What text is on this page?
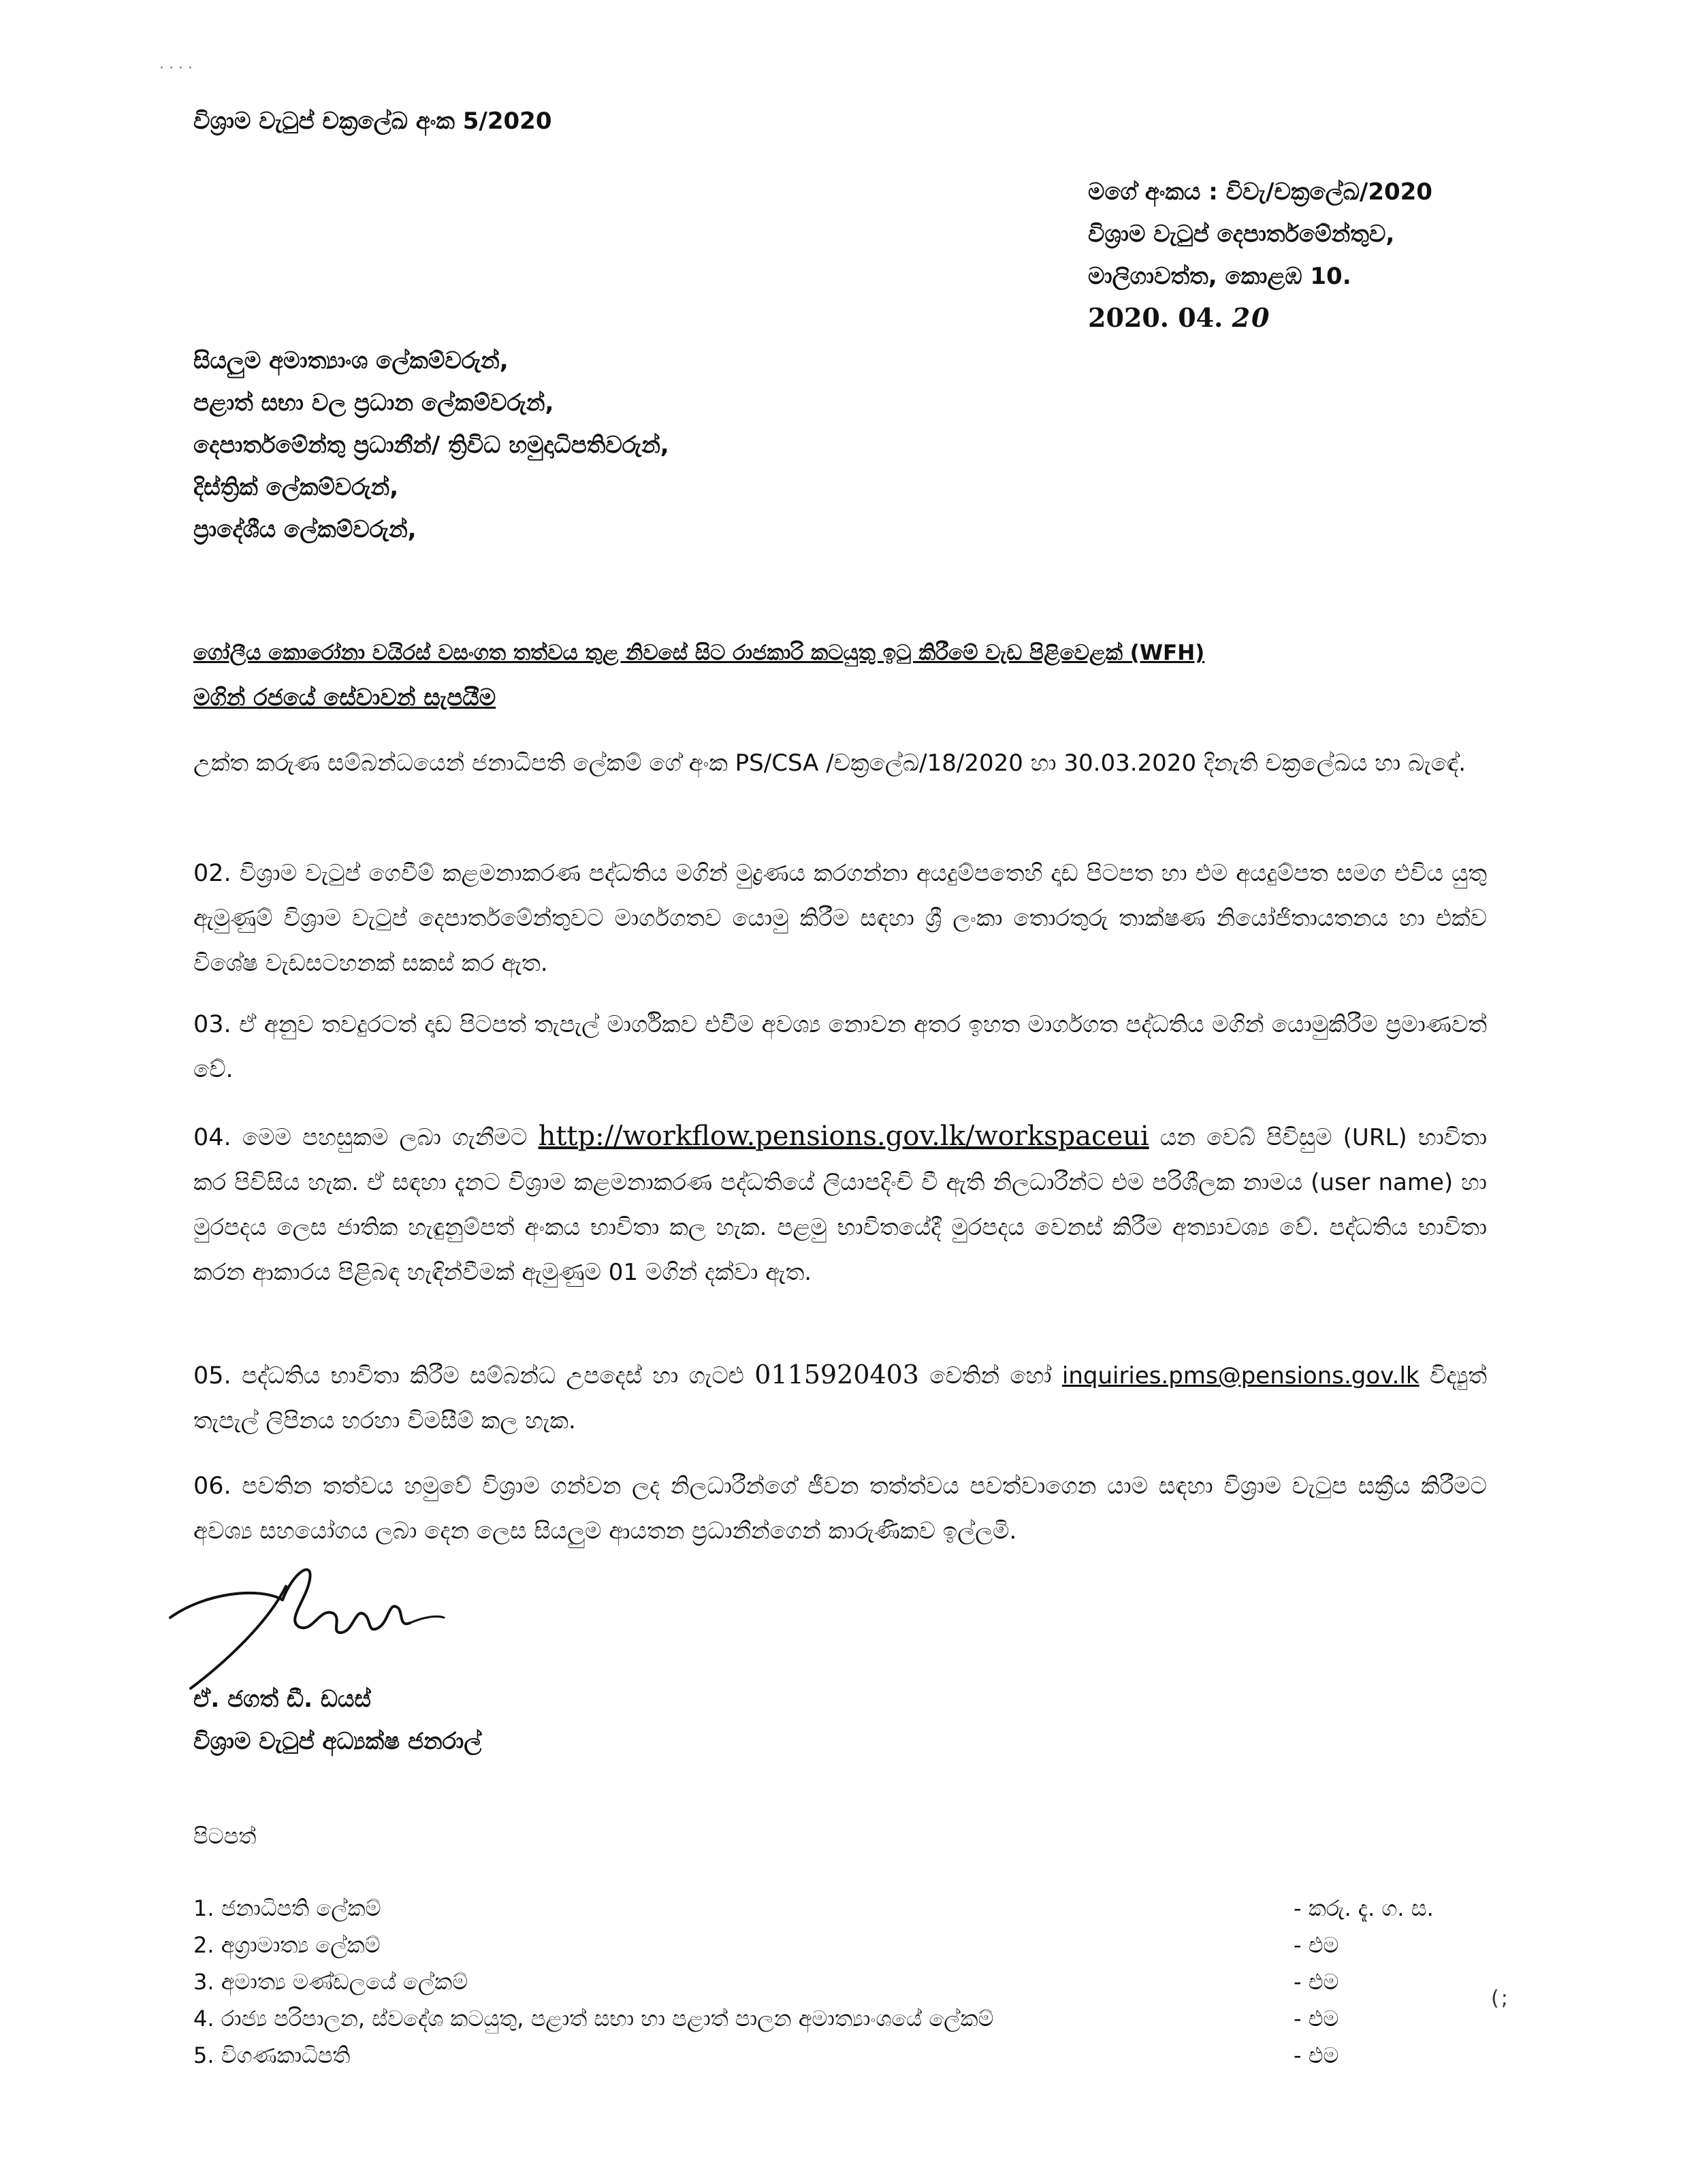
· · · ·
විශ්‍රාම වැටුප් චක්‍රලේඛ අංක 5/2020
මගේ අංකය : විවැ/චක්‍රලේඛ/2020
විශ්‍රාම වැටුප් දෙපාර්තමේන්තුව,
මාලිගාවත්ත, කොළඹ 10.
2020. 04. 20
සියලුම අමාත්‍යාංශ ලේකම්වරුන්,
පළාත් සභා වල ප්‍රධාන ලේකම්වරුන්,
දෙපාර්තමේන්තු ප්‍රධානීන්/ ත්‍රිවිධ හමුදාධිපතිවරුන්,
දිස්ත්‍රික් ලේකම්වරුන්,
ප්‍රාදේශීය ලේකම්වරුන්,
ගෝලීය කොරෝනා වයිරස් වසංගත තත්වය තුළ නිවසේ සිට රාජකාරි කටයුතු ඉටු කිරීමේ වැඩ පිළිවෙළක් (WFH)
මගින් රජයේ සේවාවන් සැපයීම
උක්ත කරුණ සම්බන්ධයෙන් ජනාධිපති ලේකම් ගේ අංක PS/CSA /චක්‍රලේඛ/18/2020 හා 30.03.2020 දිනැති චක්‍රලේඛය හා බැඳේ.
02. විශ්‍රාම වැටුප් ගෙවීම් කළමනාකරණ පද්ධතිය මගින් මුද්‍රණය කරගන්නා අයදුම්පතෙහි දෘඩ පිටපත හා එම අයදුම්පත සමග එවිය යුතු ඇමුණුම් විශ්‍රාම වැටුප් දෙපාර්තමේන්තුවට මාර්ගගතව යොමු කිරීම සඳහා ශ්‍රී ලංකා තොරතුරු තාක්ෂණ නියෝජිතායතනය හා එක්ව විශේෂ වැඩසටහනක් සකස් කර ඇත.
03. ඒ අනුව තවදුරටත් දෘඩ පිටපත් තැපැල් මාර්ගිකව එවීම අවශ්‍ය නොවන අතර ඉහත මාර්ගගත පද්ධතිය මගින් යොමුකිරීම ප්‍රමාණවත් වේ.
04. මෙම පහසුකම ලබා ගැනීමට http://workflow.pensions.gov.lk/workspaceui යන වෙබ් පිවිසුම (URL) භාවිතා කර පිවිසිය හැක. ඒ සඳහා දැනට විශ්‍රාම කළමනාකරණ පද්ධතියේ ලියාපදිංචි වී ඇති නිලධාරීන්ට එම පරිශීලක නාමය (user name) හා මුරපදය ලෙස ජාතික හැඳුනුම්පත් අංකය භාවිතා කල හැක. පළමු භාවිතයේදී මුරපදය වෙනස් කිරීම අත්‍යාවශ්‍ය වේ. පද්ධතිය භාවිතා කරන ආකාරය පිළිබඳ හැඳින්වීමක් ඇමුණුම 01 මගින් දක්වා ඇත.
05. පද්ධතිය භාවිතා කිරීම සම්බන්ධ උපදෙස් හා ගැටළු 0115920403 වෙතින් හෝ inquiries.pms@pensions.gov.lk විද්‍යුත් තැපැල් ලිපිනය හරහා විමසීම් කල හැක.
06. පවතින තත්වය හමුවේ විශ්‍රාම ගන්වන ලද නිලධාරීන්ගේ ජීවන තත්ත්වය පවත්වාගෙන යාම සඳහා විශ්‍රාම වැටුප සක්‍රීය කිරීමට අවශ්‍ය සහයෝගය ලබා දෙන ලෙස සියලුම ආයතන ප්‍රධානීන්ගෙන් කාරුණිකව ඉල්ලමි.
ඒ. ජගත් ඩී. ඩයස්
විශ්‍රාම වැටුප් අධ්‍යක්ෂ ජනරාල්
පිටපත්
1. ජනාධිපති ලේකම්	- කරු. දැ. ග. ස.
2. අග්‍රාමාත්‍ය ලේකම්	- එම
3. අමාත්‍ය මණ්ඩලයේ ලේකම්	- එම
4. රාජ්‍ය පරිපාලන, ස්වදේශ කටයුතු, පළාත් සභා හා පළාත් පාලන අමාත්‍යාංශයේ ලේකම්	- එම
5. විගණකාධිපති	- එම
( ;
